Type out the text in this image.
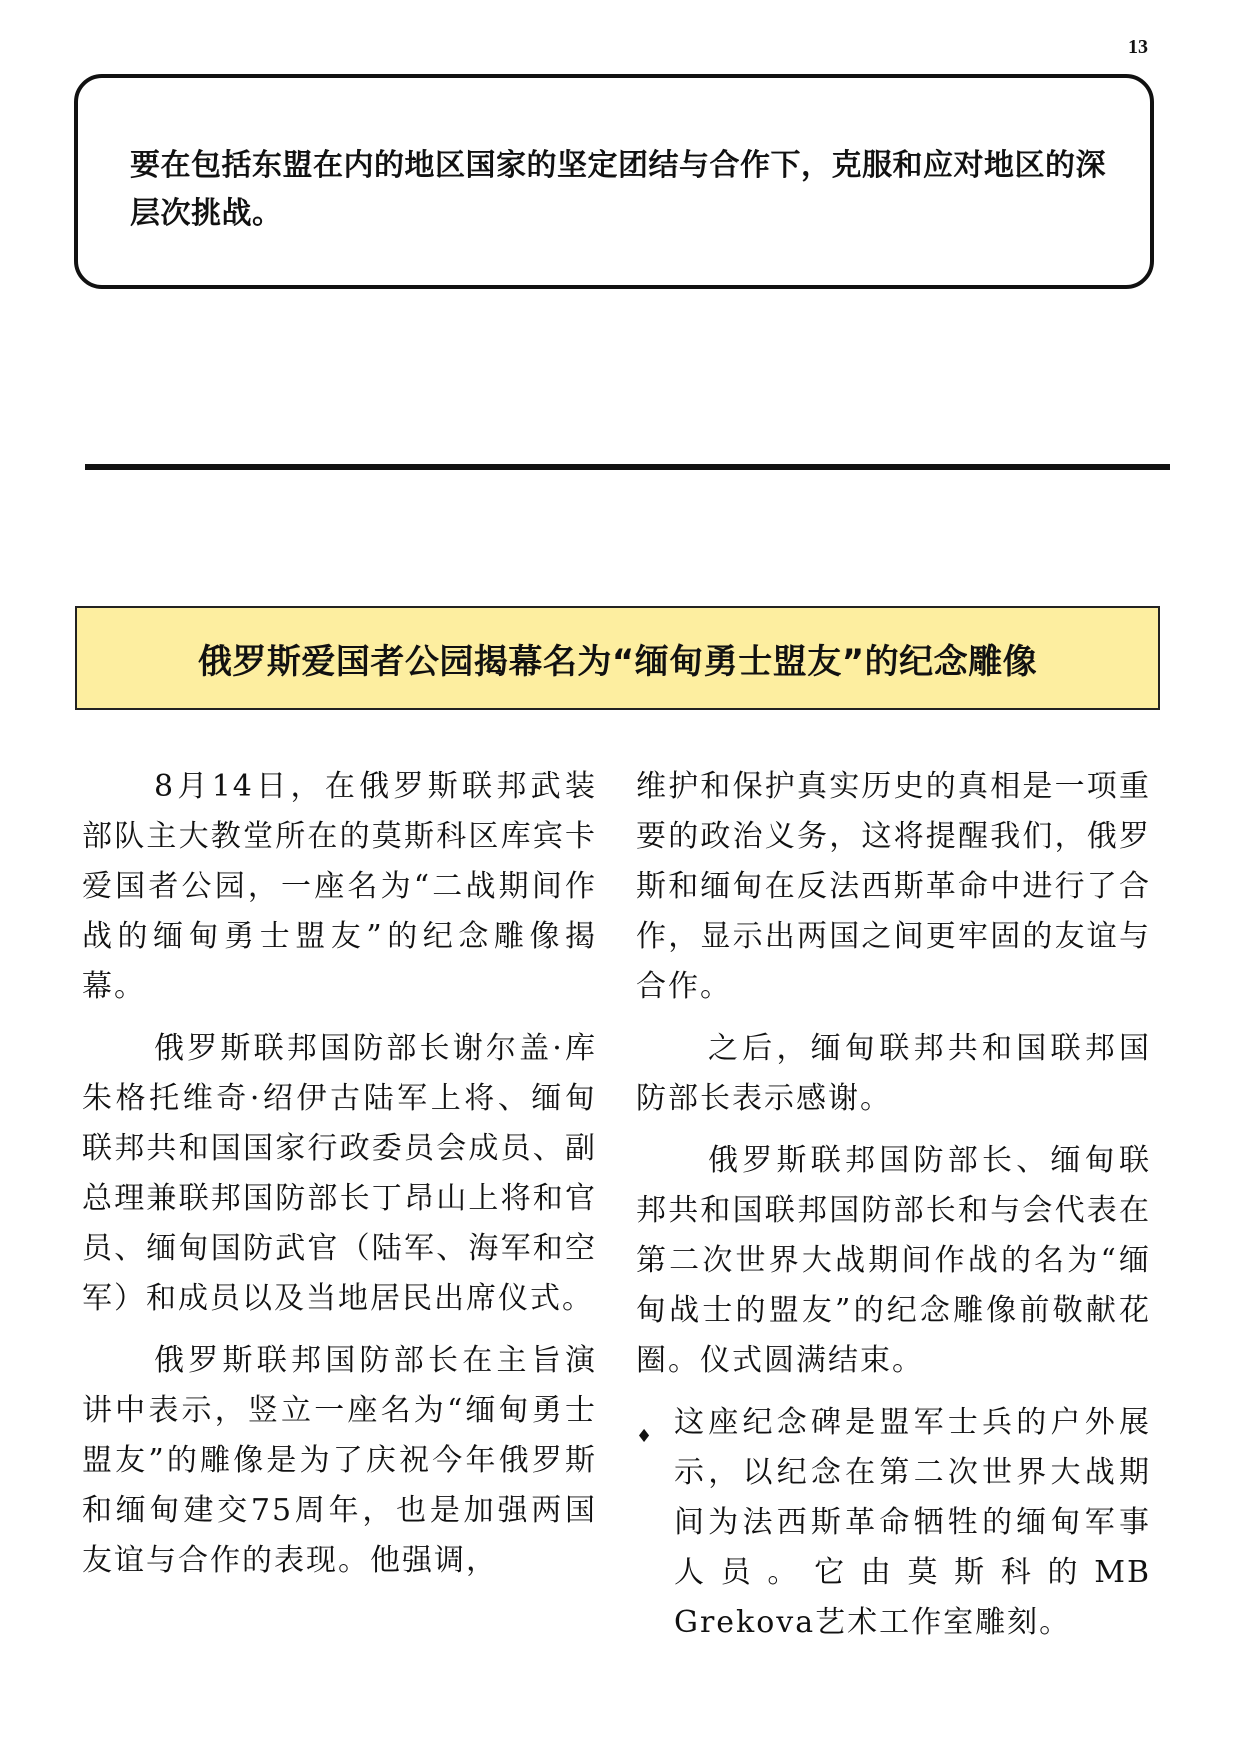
13
要在包括东盟在内的地区国家的坚定团结与合作下，克服和应对地区的深层次挑战。
俄罗斯爱国者公园揭幕名为“缅甸勇士盟友”的纪念雕像

8月14日，在俄罗斯联邦武装部队主大教堂所在的莫斯科区库宾卡爱国者公园，一座名为“二战期间作战的缅甸勇士盟友”的纪念雕像揭幕。

俄罗斯联邦国防部长谢尔盖·库朱格托维奇·绍伊古陆军上将、缅甸联邦共和国国家行政委员会成员、副总理兼联邦国防部长丁昂山上将和官员、缅甸国防武官（陆军、海军和空军）和成员以及当地居民出席仪式。

俄罗斯联邦国防部长在主旨演讲中表示，竖立一座名为“缅甸勇士盟友”的雕像是为了庆祝今年俄罗斯和缅甸建交75周年，也是加强两国友谊与合作的表现。他强调，

维护和保护真实历史的真相是一项重要的政治义务，这将提醒我们，俄罗斯和缅甸在反法西斯革命中进行了合作，显示出两国之间更牢固的友谊与合作。

之后，缅甸联邦共和国联邦国防部长表示感谢。

俄罗斯联邦国防部长、缅甸联邦共和国联邦国防部长和与会代表在第二次世界大战期间作战的名为“缅甸战士的盟友”的纪念雕像前敬献花圈。仪式圆满结束。

♦ 这座纪念碑是盟军士兵的户外展示，以纪念在第二次世界大战期间为法西斯革命牺牲的缅甸军事人员。它由莫斯科的MB Grekova艺术工作室雕刻。
